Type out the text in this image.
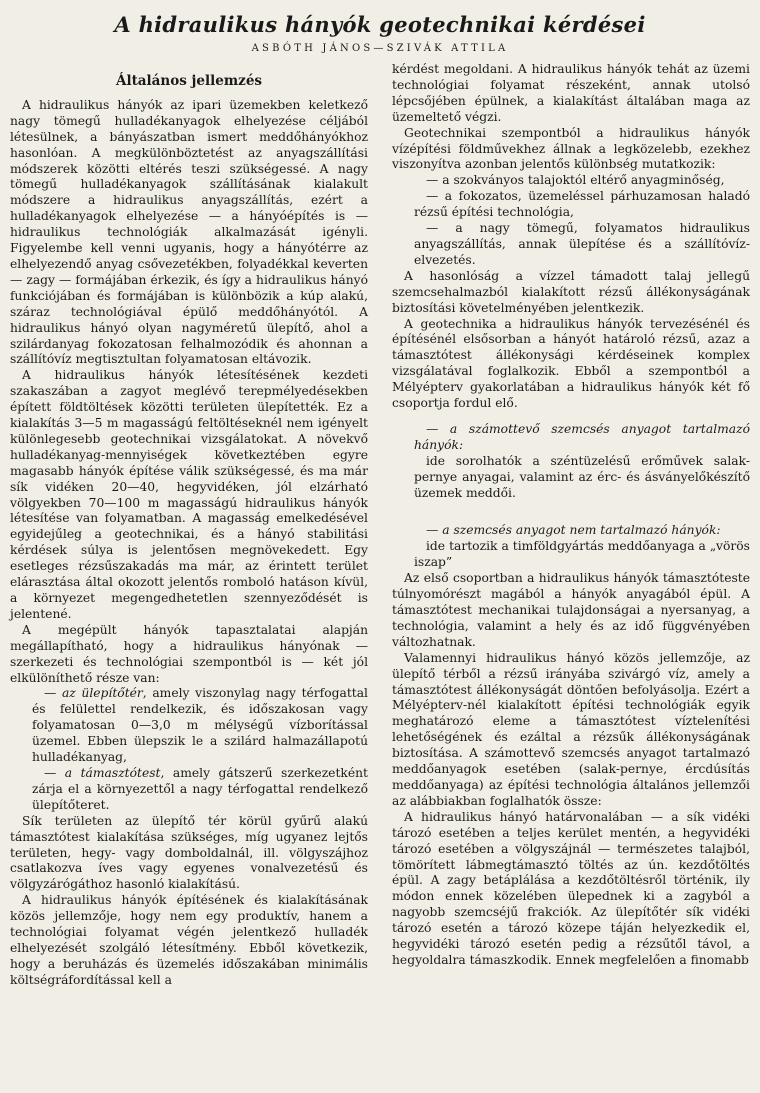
A hidraulikus hányók geotechnikai kérdései
ASBÓTH JÁNOS—SZIVÁK ATTILA
Általános jellemzés

A hidraulikus hányók az ipari üzemekben keletkező nagy tömegű hulladékanyagok elhelyezése céljából létesülnek, a bányászatban ismert meddőhányókhoz hasonlóan. A megkülönböztetést az anyagszállítási módszerek közötti eltérés teszi szükségessé. A nagy tömegű hulladékanyagok szállításának kialakult módszere a hidraulikus anyagszállítás, ezért a hulladékanyagok elhelyezése — a hányóépítés is — hidraulikus technológiák alkalmazását igényli. Figyelembe kell venni ugyanis, hogy a hányótérre az elhelyezendő anyag csővezetékben, folyadékkal keverten — zagy — formájában érkezik, és így a hidraulikus hányó funkciójában és formájában is különbözik a kúp alakú, száraz technológiával épülő meddőhányótól. A hidraulikus hányó olyan nagyméretű ülepítő, ahol a szilárdanyag fokozatosan felhalmozódik és ahonnan a szállítóvíz megtisztultan folyamatosan eltávozik.

A hidraulikus hányók létesítésének kezdeti szakaszában a zagyot meglévő terepmélyedésekben épített földtöltések közötti területen ülepítették. Ez a kialakítás 3—5 m magasságú feltöltéseknél nem igényelt különlegesebb geotechnikai vizsgálatokat. A növekvő hulladékanyag-mennyiségek következtében egyre magasabb hányók építése válik szükségessé, és ma már sík vidéken 20—40, hegyvidéken, jól elzárható völgyekben 70—100 m magasságú hidraulikus hányók létesítése van folyamatban. A magasság emelkedésével egyidejűleg a geotechnikai, és a hányó stabilitási kérdések súlya is jelentősen megnövekedett. Egy esetleges rézsűszakadás ma már, az érintett terület elárasztása által okozott jelentős romboló hatáson kívül, a környezet megengedhetetlen szennyeződését is jelentené.

A megépült hányók tapasztalatai alapján megállapítható, hogy a hidraulikus hányónak — szerkezeti és technológiai szempontból is — két jól elkülöníthető része van:

— az ülepítőtér, amely viszonylag nagy térfogattal és felülettel rendelkezik, és időszakosan vagy folyamatosan 0—3,0 m mélységű vízborítással üzemel. Ebben ülepszik le a szilárd halmazállapotú hulladékanyag,

— a támasztótest, amely gátszerű szerkezetként zárja el a környezettől a nagy térfogattal rendelkező ülepítőteret.

Sík területen az ülepítő tér körül gyűrű alakú támasztótest kialakítása szükséges, míg ugyanez lejtős területen, hegy- vagy domboldalnál, ill. völgyszájhoz csatlakozva íves vagy egyenes vonalvezetésű és völgyzárógáthoz hasonló kialakítású.

A hidraulikus hányók építésének és kialakításának közös jellemzője, hogy nem egy produktív, hanem a technológiai folyamat végén jelentkező hulladék elhelyezését szolgáló létesítmény. Ebből következik, hogy a beruházás és üzemelés időszakában minimális költségráfordítással kell a

kérdést megoldani. A hidraulikus hányók tehát az üzemi technológiai folyamat részeként, annak utolsó lépcsőjében épülnek, a kialakítást általában maga az üzemeltető végzi.

Geotechnikai szempontból a hidraulikus hányók vízépítési földművekhez állnak a legközelebb, ezekhez viszonyítva azonban jelentős különbség mutatkozik:

— a szokványos talajoktól eltérő anyagminőség,

— a fokozatos, üzemeléssel párhuzamosan haladó rézsű építési technológia,

— a nagy tömegű, folyamatos hidraulikus anyagszállítás, annak ülepítése és a szállítóvíz-elvezetés.

A hasonlóság a vízzel támadott talaj jellegű szemcsehalmazból kialakított rézsű állékonyságának biztosítási követelményében jelentkezik.

A geotechnika a hidraulikus hányók tervezésénél és építésénél elsősorban a hányót határoló rézsű, azaz a támasztótest állékonysági kérdéseinek komplex vizsgálatával foglalkozik. Ebből a szempontból a Mélyépterv gyakorlatában a hidraulikus hányók két fő csoportja fordul elő.

— a számottevő szemcsés anyagot tartalmazó hányók:

ide sorolhatók a széntüzelésű erőművek salak-pernye anyagai, valamint az érc- és ásványelőkészítő üzemek meddői.

— a szemcsés anyagot nem tartalmazó hányók:

ide tartozik a timföldgyártás meddőanyaga a „vörös iszap”

Az első csoportban a hidraulikus hányók támasztóteste túlnyomórészt magából a hányók anyagából épül. A támasztótest mechanikai tulajdonságai a nyersanyag, a technológia, valamint a hely és az idő függvényében változhatnak.

Valamennyi hidraulikus hányó közös jellemzője, az ülepítő térből a rézsű irányába szivárgó víz, amely a támasztótest állékonyságát döntően befolyásolja. Ezért a Mélyépterv-nél kialakított építési technológiák egyik meghatározó eleme a támasztótest víztelenítési lehetőségének és ezáltal a rézsűk állékonyságának biztosítása. A számottevő szemcsés anyagot tartalmazó meddőanyagok esetében (salak-pernye, ércdúsítás meddőanyaga) az építési technológia általános jellemzői az alábbiakban foglalhatók össze:

A hidraulikus hányó határvonalában — a sík vidéki tározó esetében a teljes kerület mentén, a hegyvidéki tározó esetében a völgyszájnál — természetes talajból, tömörített lábmegtámasztó töltés az ún. kezdőtöltés épül. A zagy betáplálása a kezdőtöltésről történik, ily módon ennek közelében ülepednek ki a zagyból a nagyobb szemcséjű frakciók. Az ülepítőtér sík vidéki tározó esetén a tározó közepe táján helyezkedik el, hegyvidéki tározó esetén pedig a rézsűtől távol, a hegyoldalra támaszkodik. Ennek megfelelően a finomabb
